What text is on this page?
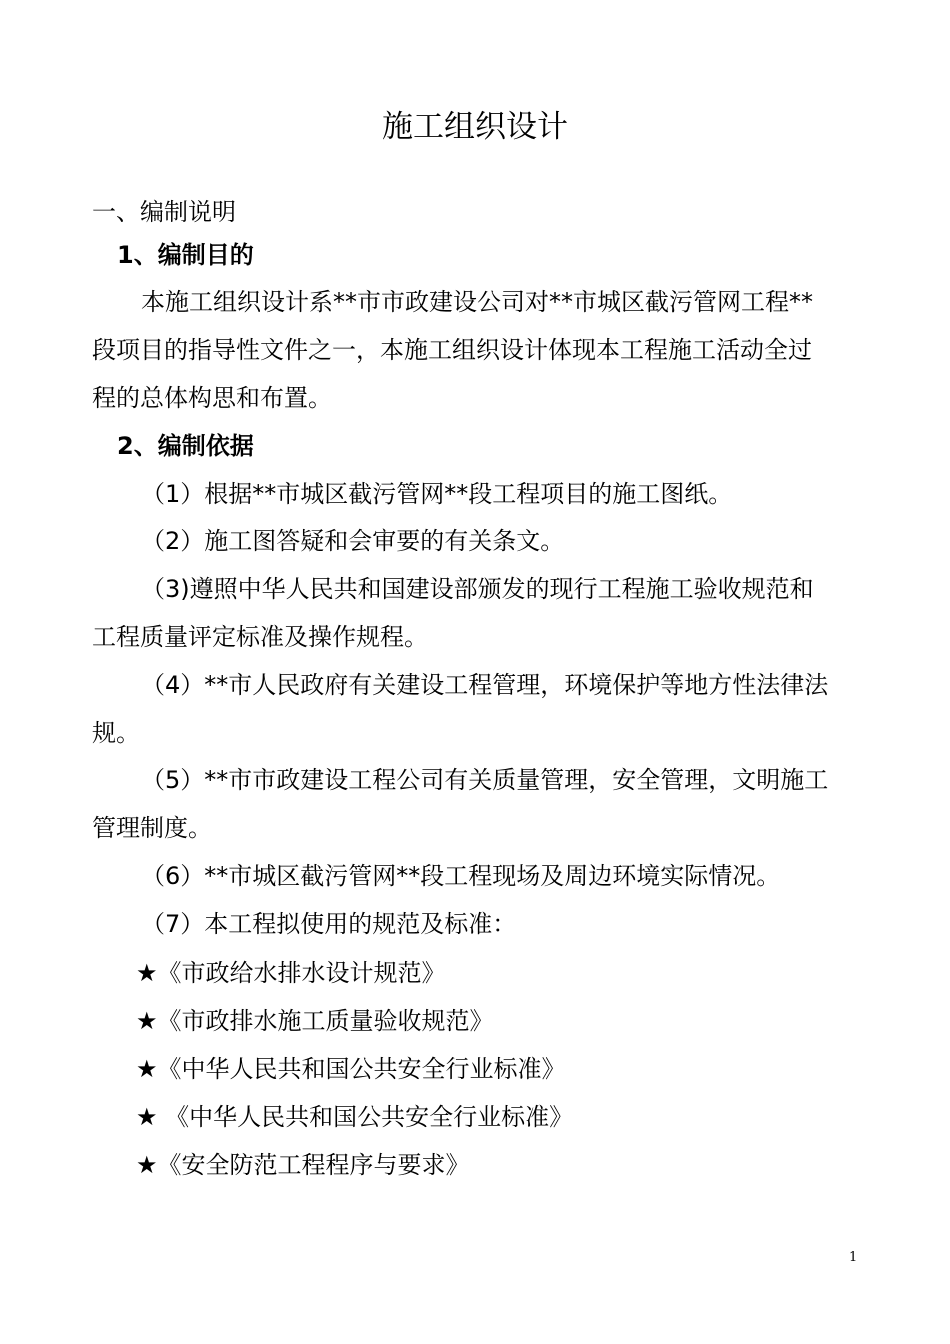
施工组织设计
一、编制说明
1、编制目的
本施工组织设计系**市市政建设公司对**市城区截污管网工程**
段项目的指导性文件之一，本施工组织设计体现本工程施工活动全过
程的总体构思和布置。
2、编制依据
（1）根据**市城区截污管网**段工程项目的施工图纸。
（2）施工图答疑和会审要的有关条文。
（3)遵照中华人民共和国建设部颁发的现行工程施工验收规范和
工程质量评定标准及操作规程。
（4）**市人民政府有关建设工程管理，环境保护等地方性法律法
规。
（5）**市市政建设工程公司有关质量管理，安全管理，文明施工
管理制度。
（6）**市城区截污管网**段工程现场及周边环境实际情况。
（7）本工程拟使用的规范及标准：
★《市政给水排水设计规范》
★《市政排水施工质量验收规范》
★《中华人民共和国公共安全行业标准》
★ 《中华人民共和国公共安全行业标准》
★《安全防范工程程序与要求》
1
